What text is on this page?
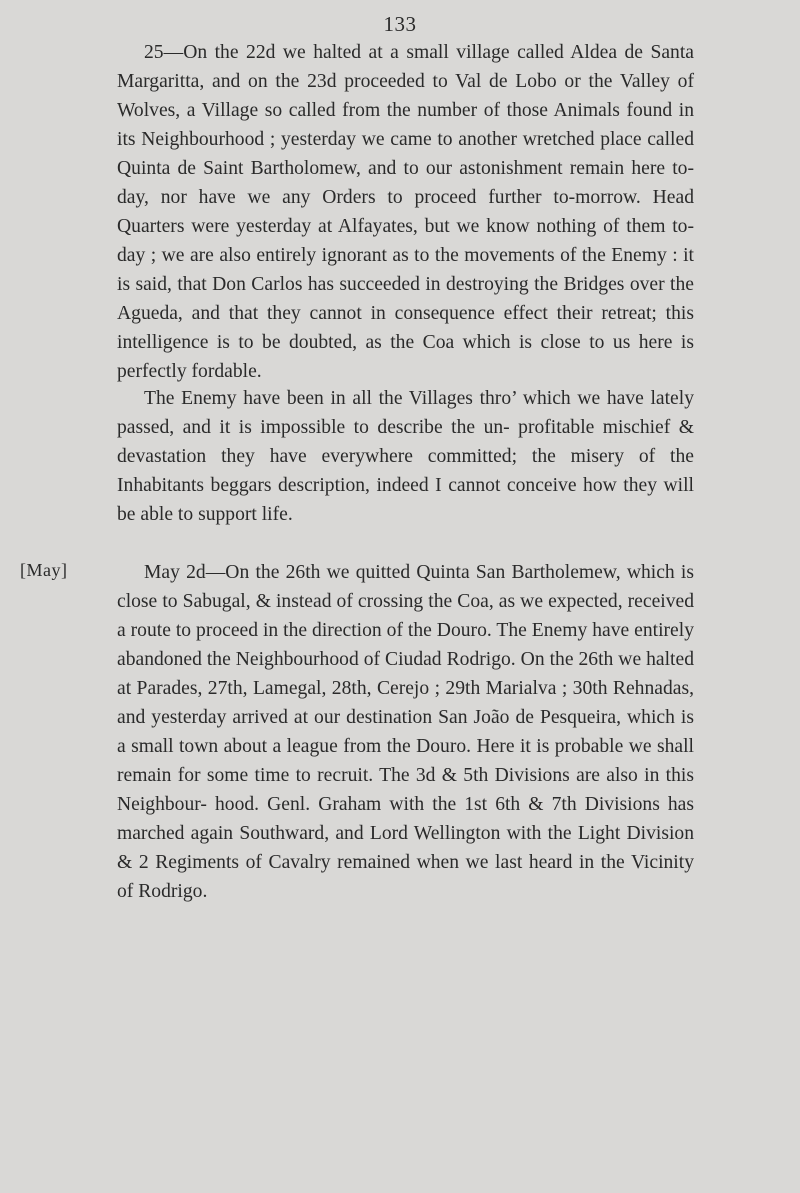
133

25—On the 22d we halted at a small village called Aldea de Santa Margaritta, and on the 23d proceeded to Val de Lobo or the Valley of Wolves, a Village so called from the number of those Animals found in its Neighbourhood ; yesterday we came to another wretched place called Quinta de Saint Bartholomew, and to our astonishment remain here to-day, nor have we any Orders to proceed further to-morrow. Head Quarters were yesterday at Alfayates, but we know nothing of them to-day ; we are also entirely ignorant as to the movements of the Enemy : it is said, that Don Carlos has succeeded in destroying the Bridges over the Agueda, and that they cannot in consequence effect their retreat; this intelligence is to be doubted, as the Coa which is close to us here is perfectly fordable.

The Enemy have been in all the Villages thro’ which we have lately passed, and it is impossible to describe the un- profitable mischief & devastation they have everywhere committed; the misery of the Inhabitants beggars description, indeed I cannot conceive how they will be able to support life.

[May]	May 2d—On the 26th we quitted Quinta San Bartholemew, which is close to Sabugal, & instead of crossing the Coa, as we expected, received a route to proceed in the direction of the Douro. The Enemy have entirely abandoned the Neighbourhood of Ciudad Rodrigo. On the 26th we halted at Parades, 27th, Lamegal, 28th, Cerejo ; 29th Marialva ; 30th Rehnadas, and yesterday arrived at our destination San João de Pesqueira, which is a small town about a league from the Douro. Here it is probable we shall remain for some time to recruit. The 3d & 5th Divisions are also in this Neighbour- hood. Genl. Graham with the 1st 6th & 7th Divisions has marched again Southward, and Lord Wellington with the Light Division & 2 Regiments of Cavalry remained when we last heard in the Vicinity of Rodrigo.
